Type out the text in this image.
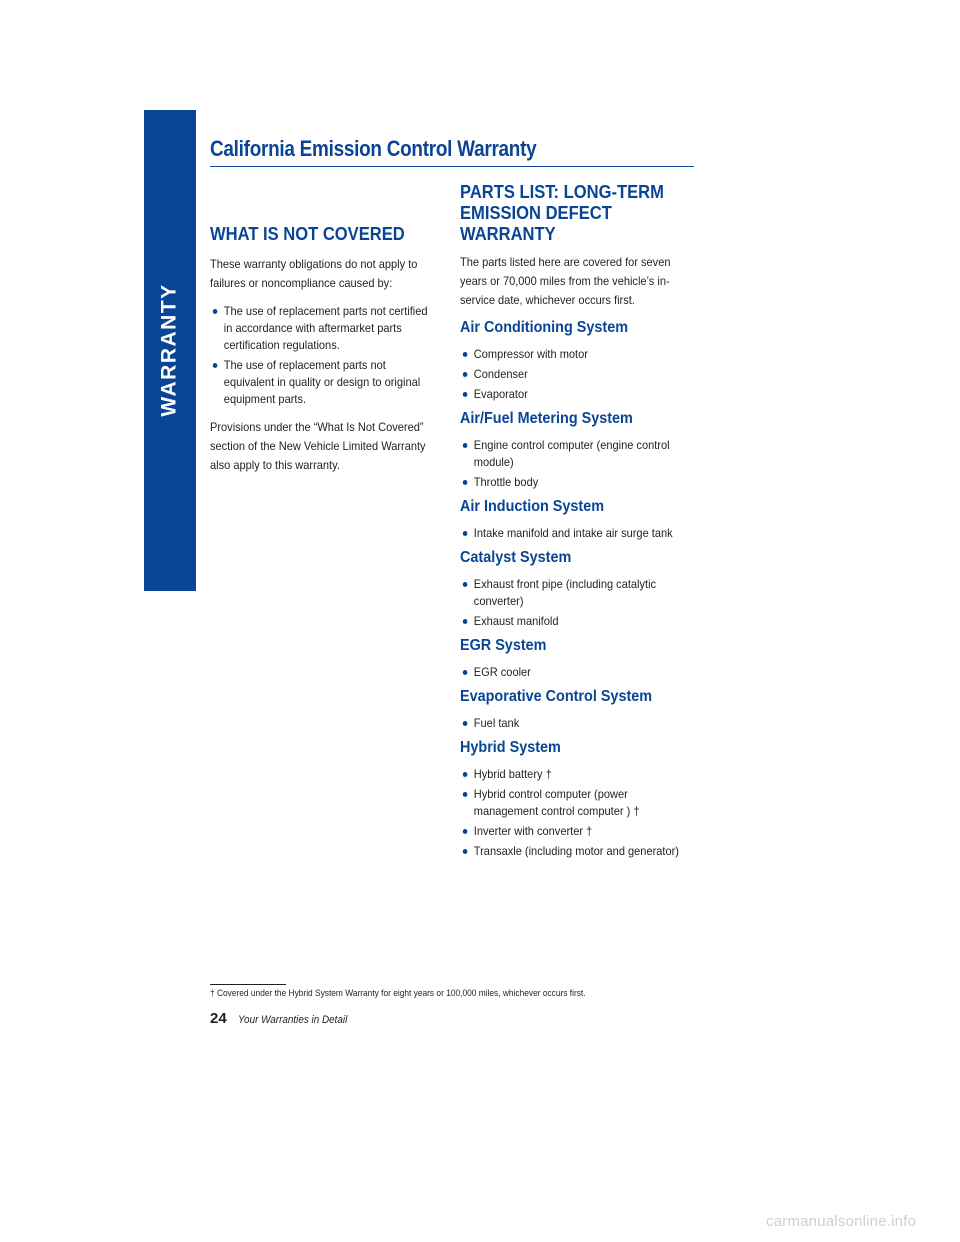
WARRANTY
California Emission Control Warranty
WHAT IS NOT COVERED

These warranty obligations do not apply to failures or noncompliance caused by:

The use of replacement parts not certified in accordance with aftermarket parts certification regulations.
The use of replacement parts not equivalent in quality or design to original equipment parts.

Provisions under the “What Is Not Covered” section of the New Vehicle Limited Warranty also apply to this warranty.

PARTS LIST: LONG-TERM
EMISSION DEFECT
WARRANTY

The parts listed here are covered for seven years or 70,000 miles from the vehicle’s in-service date, whichever occurs first.

Air Conditioning System
Compressor with motor
Condenser
Evaporator
Air/Fuel Metering System
Engine control computer (engine control module)
Throttle body
Air Induction System
Intake manifold and intake air surge tank
Catalyst System
Exhaust front pipe (including catalytic converter)
Exhaust manifold
EGR System
EGR cooler
Evaporative Control System
Fuel tank
Hybrid System
Hybrid battery †
Hybrid control computer (power management control computer ) †
Inverter with converter †
Transaxle (including motor and generator)
† Covered under the Hybrid System Warranty for eight years or 100,000 miles, whichever occurs first.
24 Your Warranties in Detail
carmanualsonline.info
